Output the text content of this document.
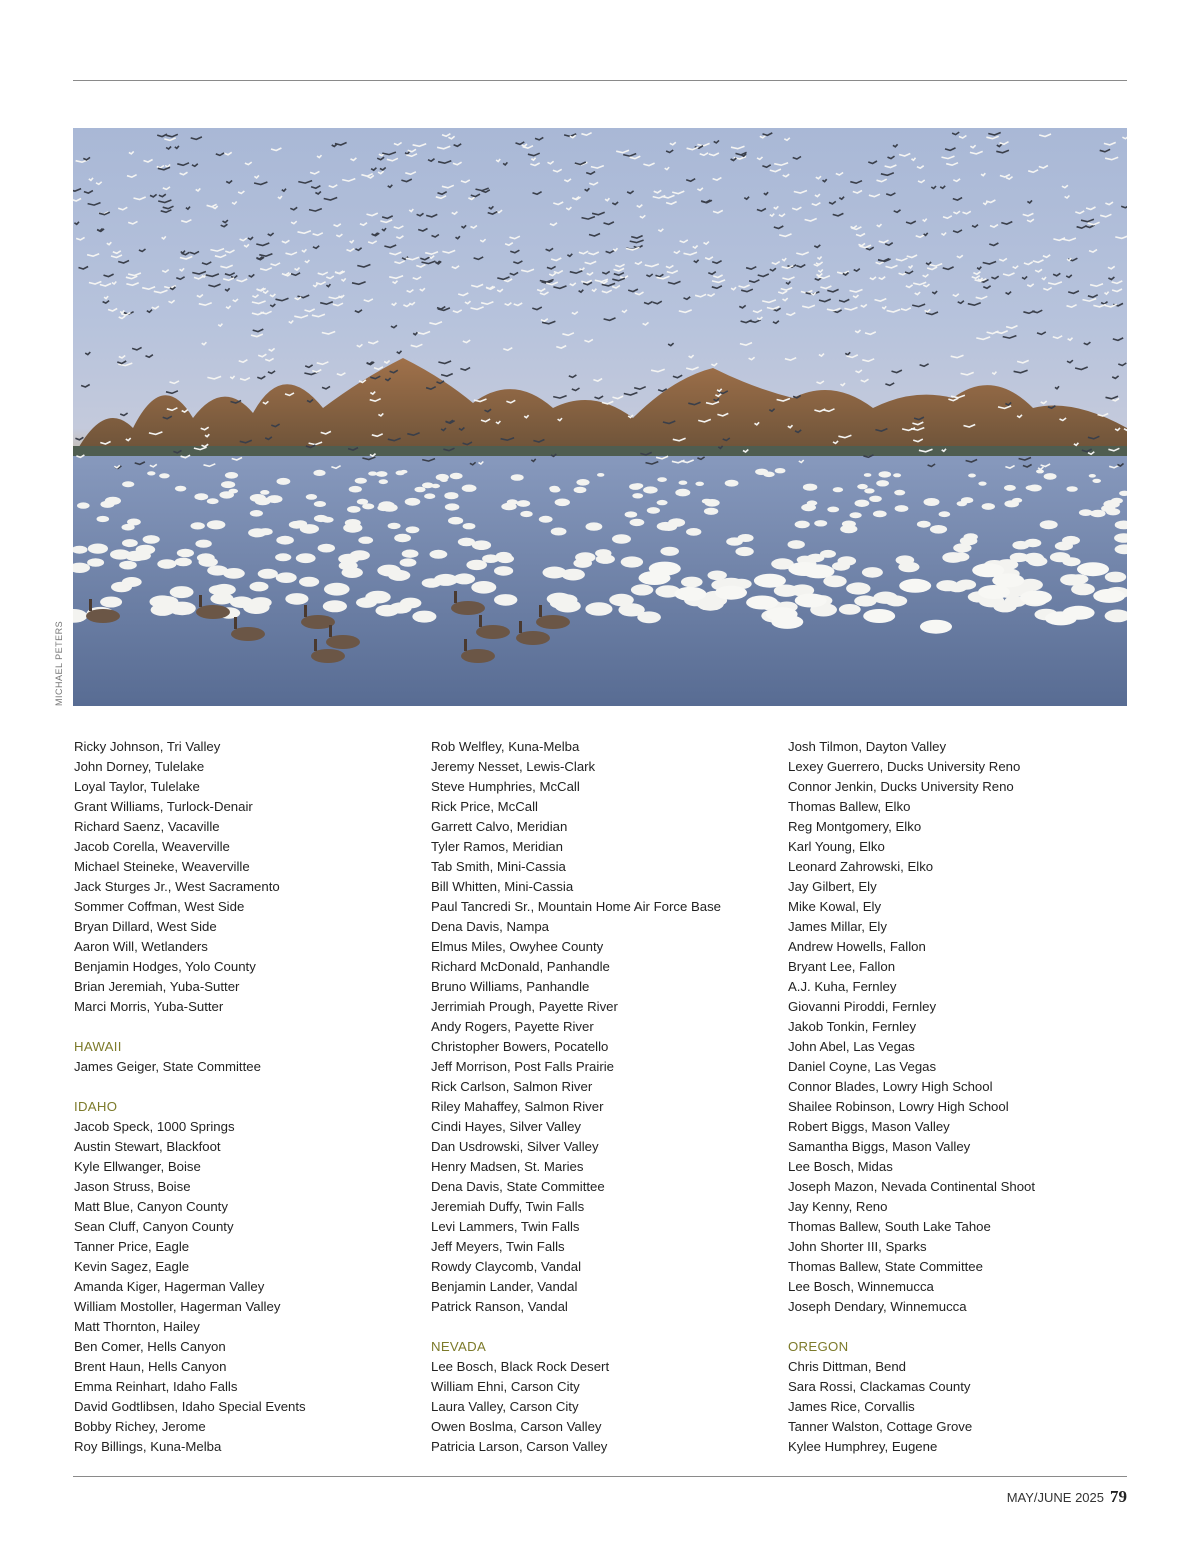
MICHAEL PETERS
Ricky Johnson, Tri Valley
John Dorney, Tulelake
Loyal Taylor, Tulelake
Grant Williams, Turlock-Denair
Richard Saenz, Vacaville
Jacob Corella, Weaverville
Michael Steineke, Weaverville
Jack Sturges Jr., West Sacramento
Sommer Coffman, West Side
Bryan Dillard, West Side
Aaron Will, Wetlanders
Benjamin Hodges, Yolo County
Brian Jeremiah, Yuba-Sutter
Marci Morris, Yuba-Sutter
HAWAII
James Geiger, State Committee
IDAHO
Jacob Speck, 1000 Springs
Austin Stewart, Blackfoot
Kyle Ellwanger, Boise
Jason Struss, Boise
Matt Blue, Canyon County
Sean Cluff, Canyon County
Tanner Price, Eagle
Kevin Sagez, Eagle
Amanda Kiger, Hagerman Valley
William Mostoller, Hagerman Valley
Matt Thornton, Hailey
Ben Comer, Hells Canyon
Brent Haun, Hells Canyon
Emma Reinhart, Idaho Falls
David Godtlibsen, Idaho Special Events
Bobby Richey, Jerome
Roy Billings, Kuna-Melba
Rob Welfley, Kuna-Melba
Jeremy Nesset, Lewis-Clark
Steve Humphries, McCall
Rick Price, McCall
Garrett Calvo, Meridian
Tyler Ramos, Meridian
Tab Smith, Mini-Cassia
Bill Whitten, Mini-Cassia
Paul Tancredi Sr., Mountain Home Air Force Base
Dena Davis, Nampa
Elmus Miles, Owyhee County
Richard McDonald, Panhandle
Bruno Williams, Panhandle
Jerrimiah Prough, Payette River
Andy Rogers, Payette River
Christopher Bowers, Pocatello
Jeff Morrison, Post Falls Prairie
Rick Carlson, Salmon River
Riley Mahaffey, Salmon River
Cindi Hayes, Silver Valley
Dan Usdrowski, Silver Valley
Henry Madsen, St. Maries
Dena Davis, State Committee
Jeremiah Duffy, Twin Falls
Levi Lammers, Twin Falls
Jeff Meyers, Twin Falls
Rowdy Claycomb, Vandal
Benjamin Lander, Vandal
Patrick Ranson, Vandal
NEVADA
Lee Bosch, Black Rock Desert
William Ehni, Carson City
Laura Valley, Carson City
Owen Boslma, Carson Valley
Patricia Larson, Carson Valley
Josh Tilmon, Dayton Valley
Lexey Guerrero, Ducks University Reno
Connor Jenkin, Ducks University Reno
Thomas Ballew, Elko
Reg Montgomery, Elko
Karl Young, Elko
Leonard Zahrowski, Elko
Jay Gilbert, Ely
Mike Kowal, Ely
James Millar, Ely
Andrew Howells, Fallon
Bryant Lee, Fallon
A.J. Kuha, Fernley
Giovanni Piroddi, Fernley
Jakob Tonkin, Fernley
John Abel, Las Vegas
Daniel Coyne, Las Vegas
Connor Blades, Lowry High School
Shailee Robinson, Lowry High School
Robert Biggs, Mason Valley
Samantha Biggs, Mason Valley
Lee Bosch, Midas
Joseph Mazon, Nevada Continental Shoot
Jay Kenny, Reno
Thomas Ballew, South Lake Tahoe
John Shorter III, Sparks
Thomas Ballew, State Committee
Lee Bosch, Winnemucca
Joseph Dendary, Winnemucca
OREGON
Chris Dittman, Bend
Sara Rossi, Clackamas County
James Rice, Corvallis
Tanner Walston, Cottage Grove
Kylee Humphrey, Eugene
MAY/JUNE 2025 79
